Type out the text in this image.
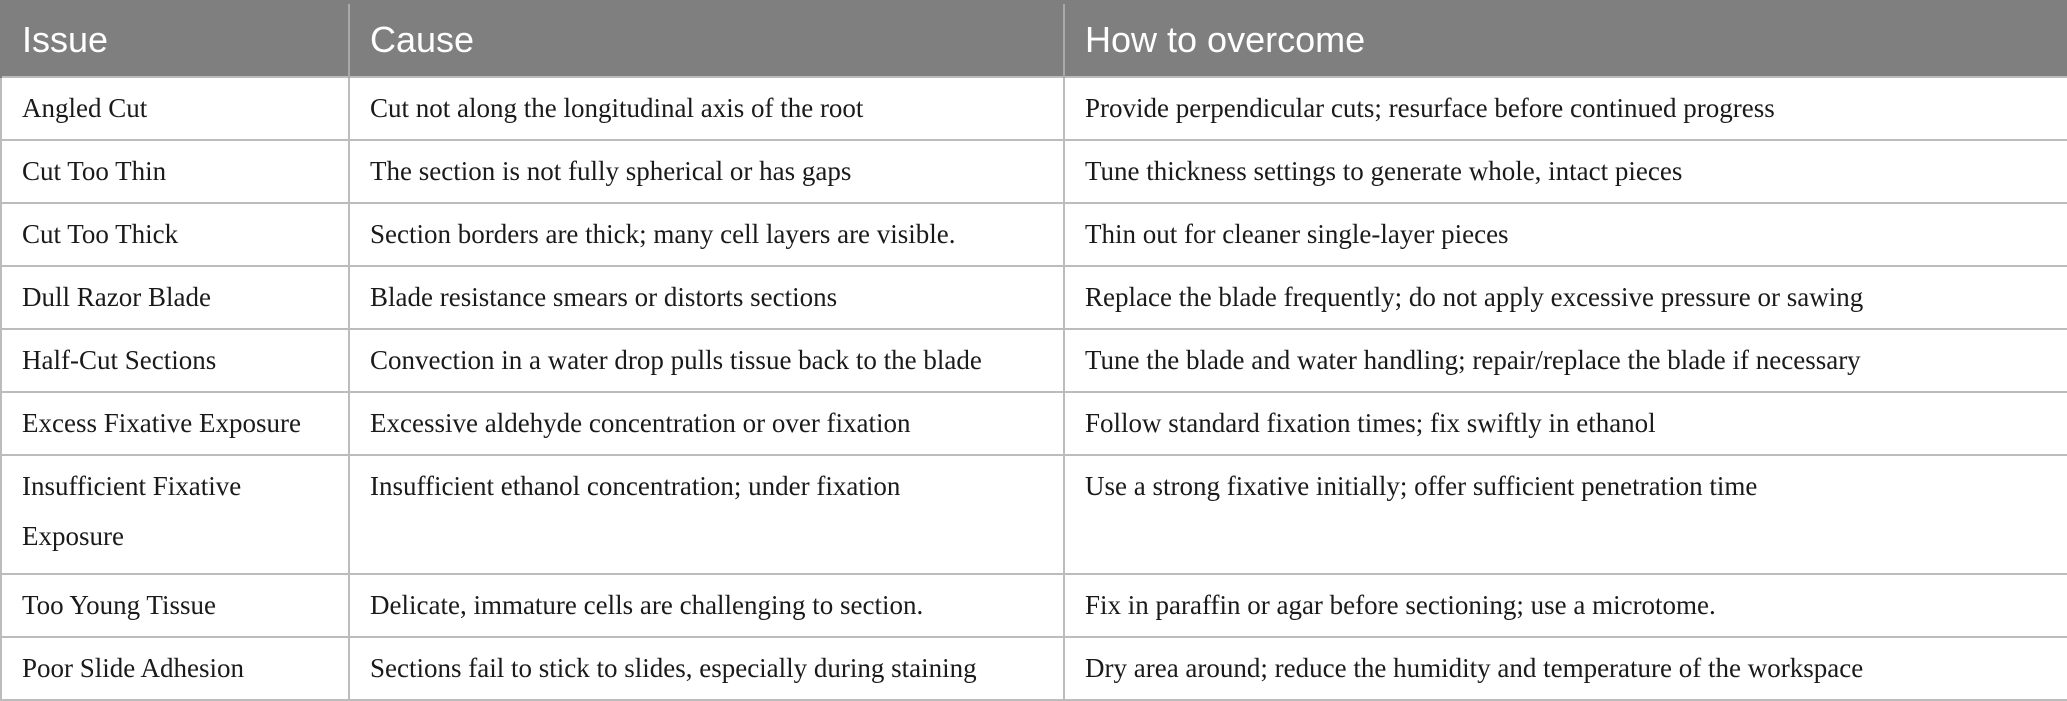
Issue	Cause	How to overcome
Angled Cut	Cut not along the longitudinal axis of the root	Provide perpendicular cuts; resurface before continued progress
Cut Too Thin	The section is not fully spherical or has gaps	Tune thickness settings to generate whole, intact pieces
Cut Too Thick	Section borders are thick; many cell layers are visible.	Thin out for cleaner single-layer pieces
Dull Razor Blade	Blade resistance smears or distorts sections	Replace the blade frequently; do not apply excessive pressure or sawing
Half-Cut Sections	Convection in a water drop pulls tissue back to the blade	Tune the blade and water handling; repair/replace the blade if necessary
Excess Fixative Exposure	Excessive aldehyde concentration or over fixation	Follow standard fixation times; fix swiftly in ethanol
Insufficient Fixative Exposure	Insufficient ethanol concentration; under fixation	Use a strong fixative initially; offer sufficient penetration time
Too Young Tissue	Delicate, immature cells are challenging to section.	Fix in paraffin or agar before sectioning; use a microtome.
Poor Slide Adhesion	Sections fail to stick to slides, especially during staining	Dry area around; reduce the humidity and temperature of the workspace
